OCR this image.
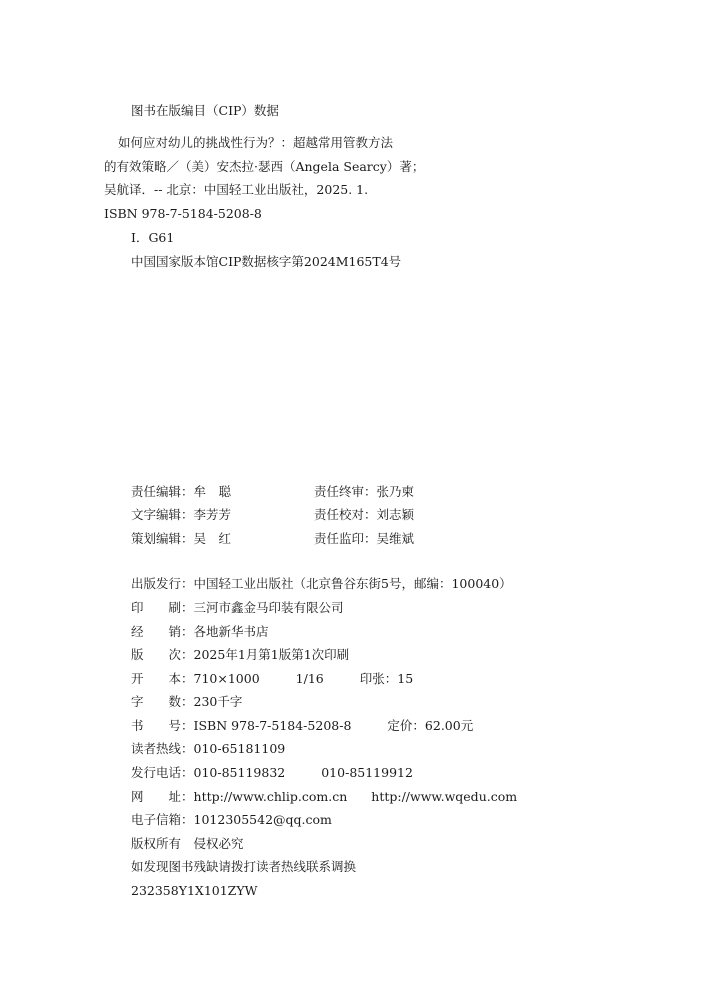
图书在版编目（CIP）数据
如何应对幼儿的挑战性行为？：超越常用管教方法
的有效策略／（美）安杰拉·瑟西（Angela Searcy）著；
吴航译．-- 北京：中国轻工业出版社，2025. 1.
ISBN 978-7-5184-5208-8
Ⅰ．G61
中国国家版本馆CIP数据核字第2024M165T4号
责任编辑：牟　聪	责任终审：张乃柬
文字编辑：李芳芳	责任校对：刘志颖
策划编辑：吴　红	责任监印：吴维斌
出版发行：中国轻工业出版社（北京鲁谷东街5号，邮编：100040）
印　　刷：三河市鑫金马印装有限公司
经　　销：各地新华书店
版　　次：2025年1月第1版第1次印刷
开　　本：710×1000	1/16	印张：15
字　　数：230千字
书　　号：ISBN 978-7-5184-5208-8	定价：62.00元
读者热线：010-65181109
发行电话：010-85119832	010-85119912
网　　址：http://www.chlip.com.cn http://www.wqedu.com
电子信箱：1012305542@qq.com
版权所有　侵权必究
如发现图书残缺请拨打读者热线联系调换
232358Y1X101ZYW
